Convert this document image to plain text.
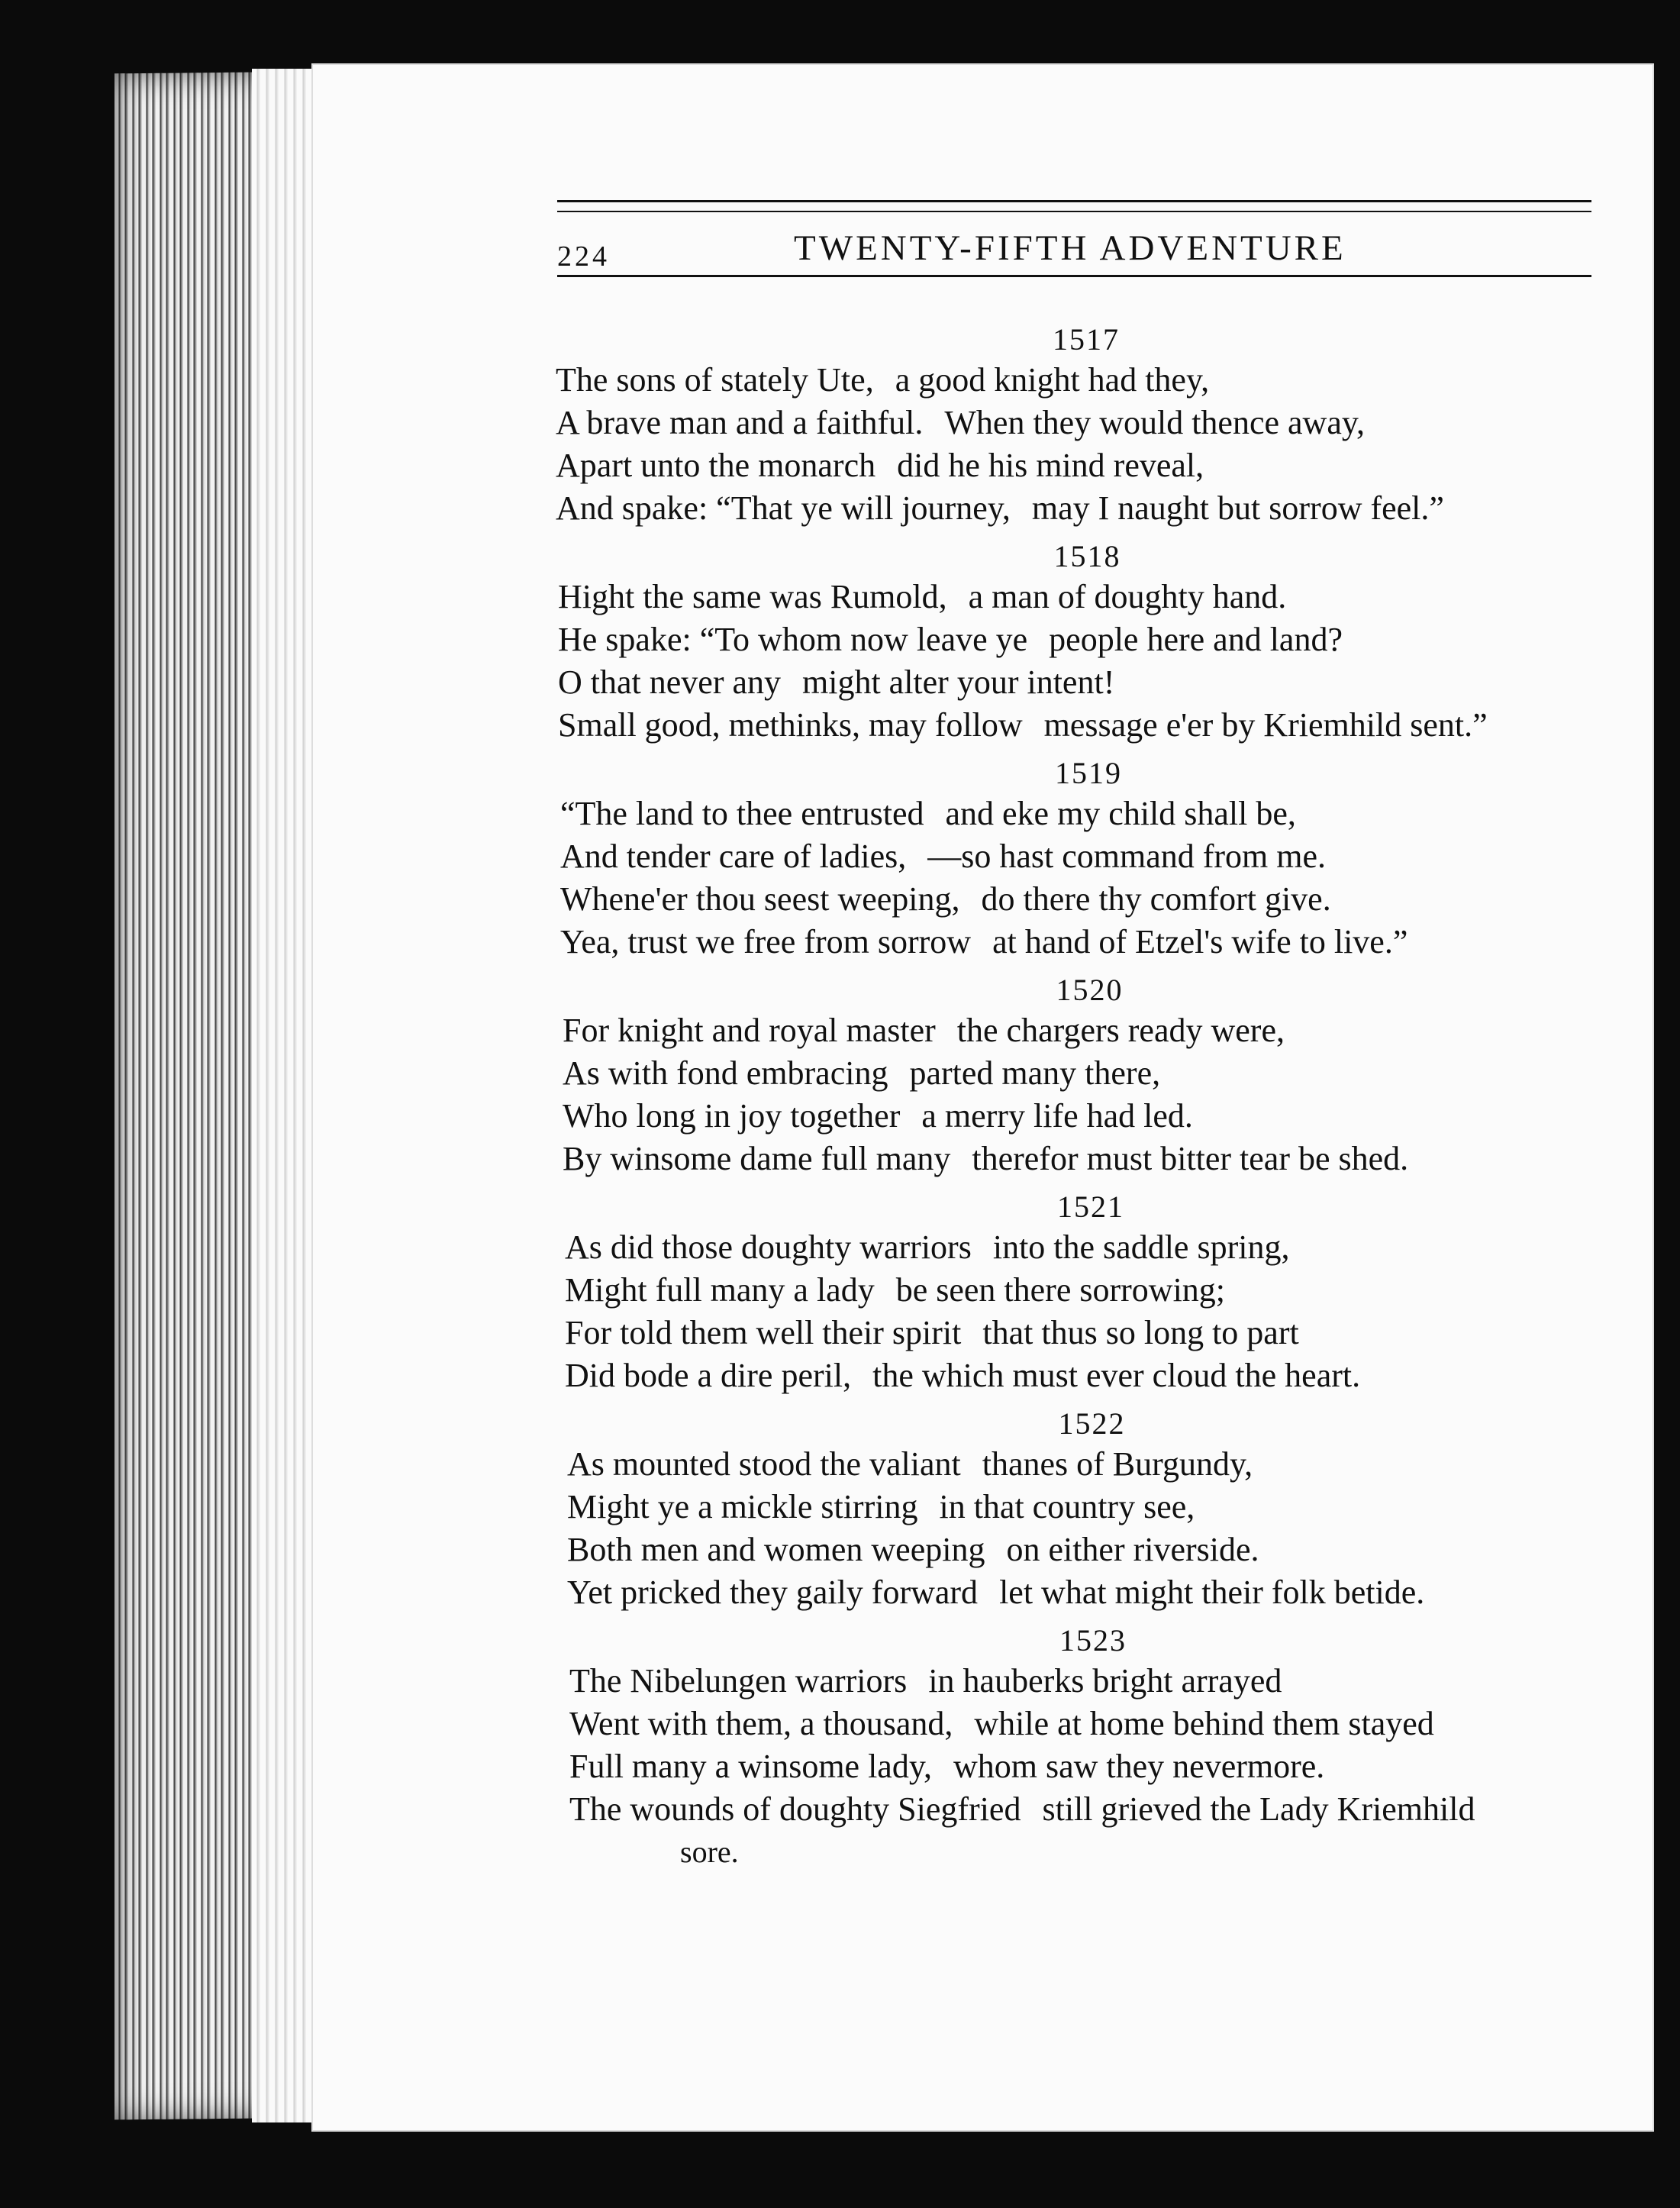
224	TWENTY-FIFTH ADVENTURE
1517
The sons of stately Ute, a good knight had they,
A brave man and a faithful. When they would thence away,
Apart unto the monarch did he his mind reveal,
And spake: “That ye will journey, may I naught but sorrow feel.”
1518
Hight the same was Rumold, a man of doughty hand.
He spake: “To whom now leave ye people here and land?
O that never any might alter your intent!
Small good, methinks, may follow message e'er by Kriemhild sent.”
1519
“The land to thee entrusted and eke my child shall be,
And tender care of ladies, —so hast command from me.
Whene'er thou seest weeping, do there thy comfort give.
Yea, trust we free from sorrow at hand of Etzel's wife to live.”
1520
For knight and royal master the chargers ready were,
As with fond embracing parted many there,
Who long in joy together a merry life had led.
By winsome dame full many therefor must bitter tear be shed.
1521
As did those doughty warriors into the saddle spring,
Might full many a lady be seen there sorrowing;
For told them well their spirit that thus so long to part
Did bode a dire peril, the which must ever cloud the heart.
1522
As mounted stood the valiant thanes of Burgundy,
Might ye a mickle stirring in that country see,
Both men and women weeping on either riverside.
Yet pricked they gaily forward let what might their folk betide.
1523
The Nibelungen warriors in hauberks bright arrayed
Went with them, a thousand, while at home behind them stayed
Full many a winsome lady, whom saw they nevermore.
The wounds of doughty Siegfried still grieved the Lady Kriemhild
sore.
